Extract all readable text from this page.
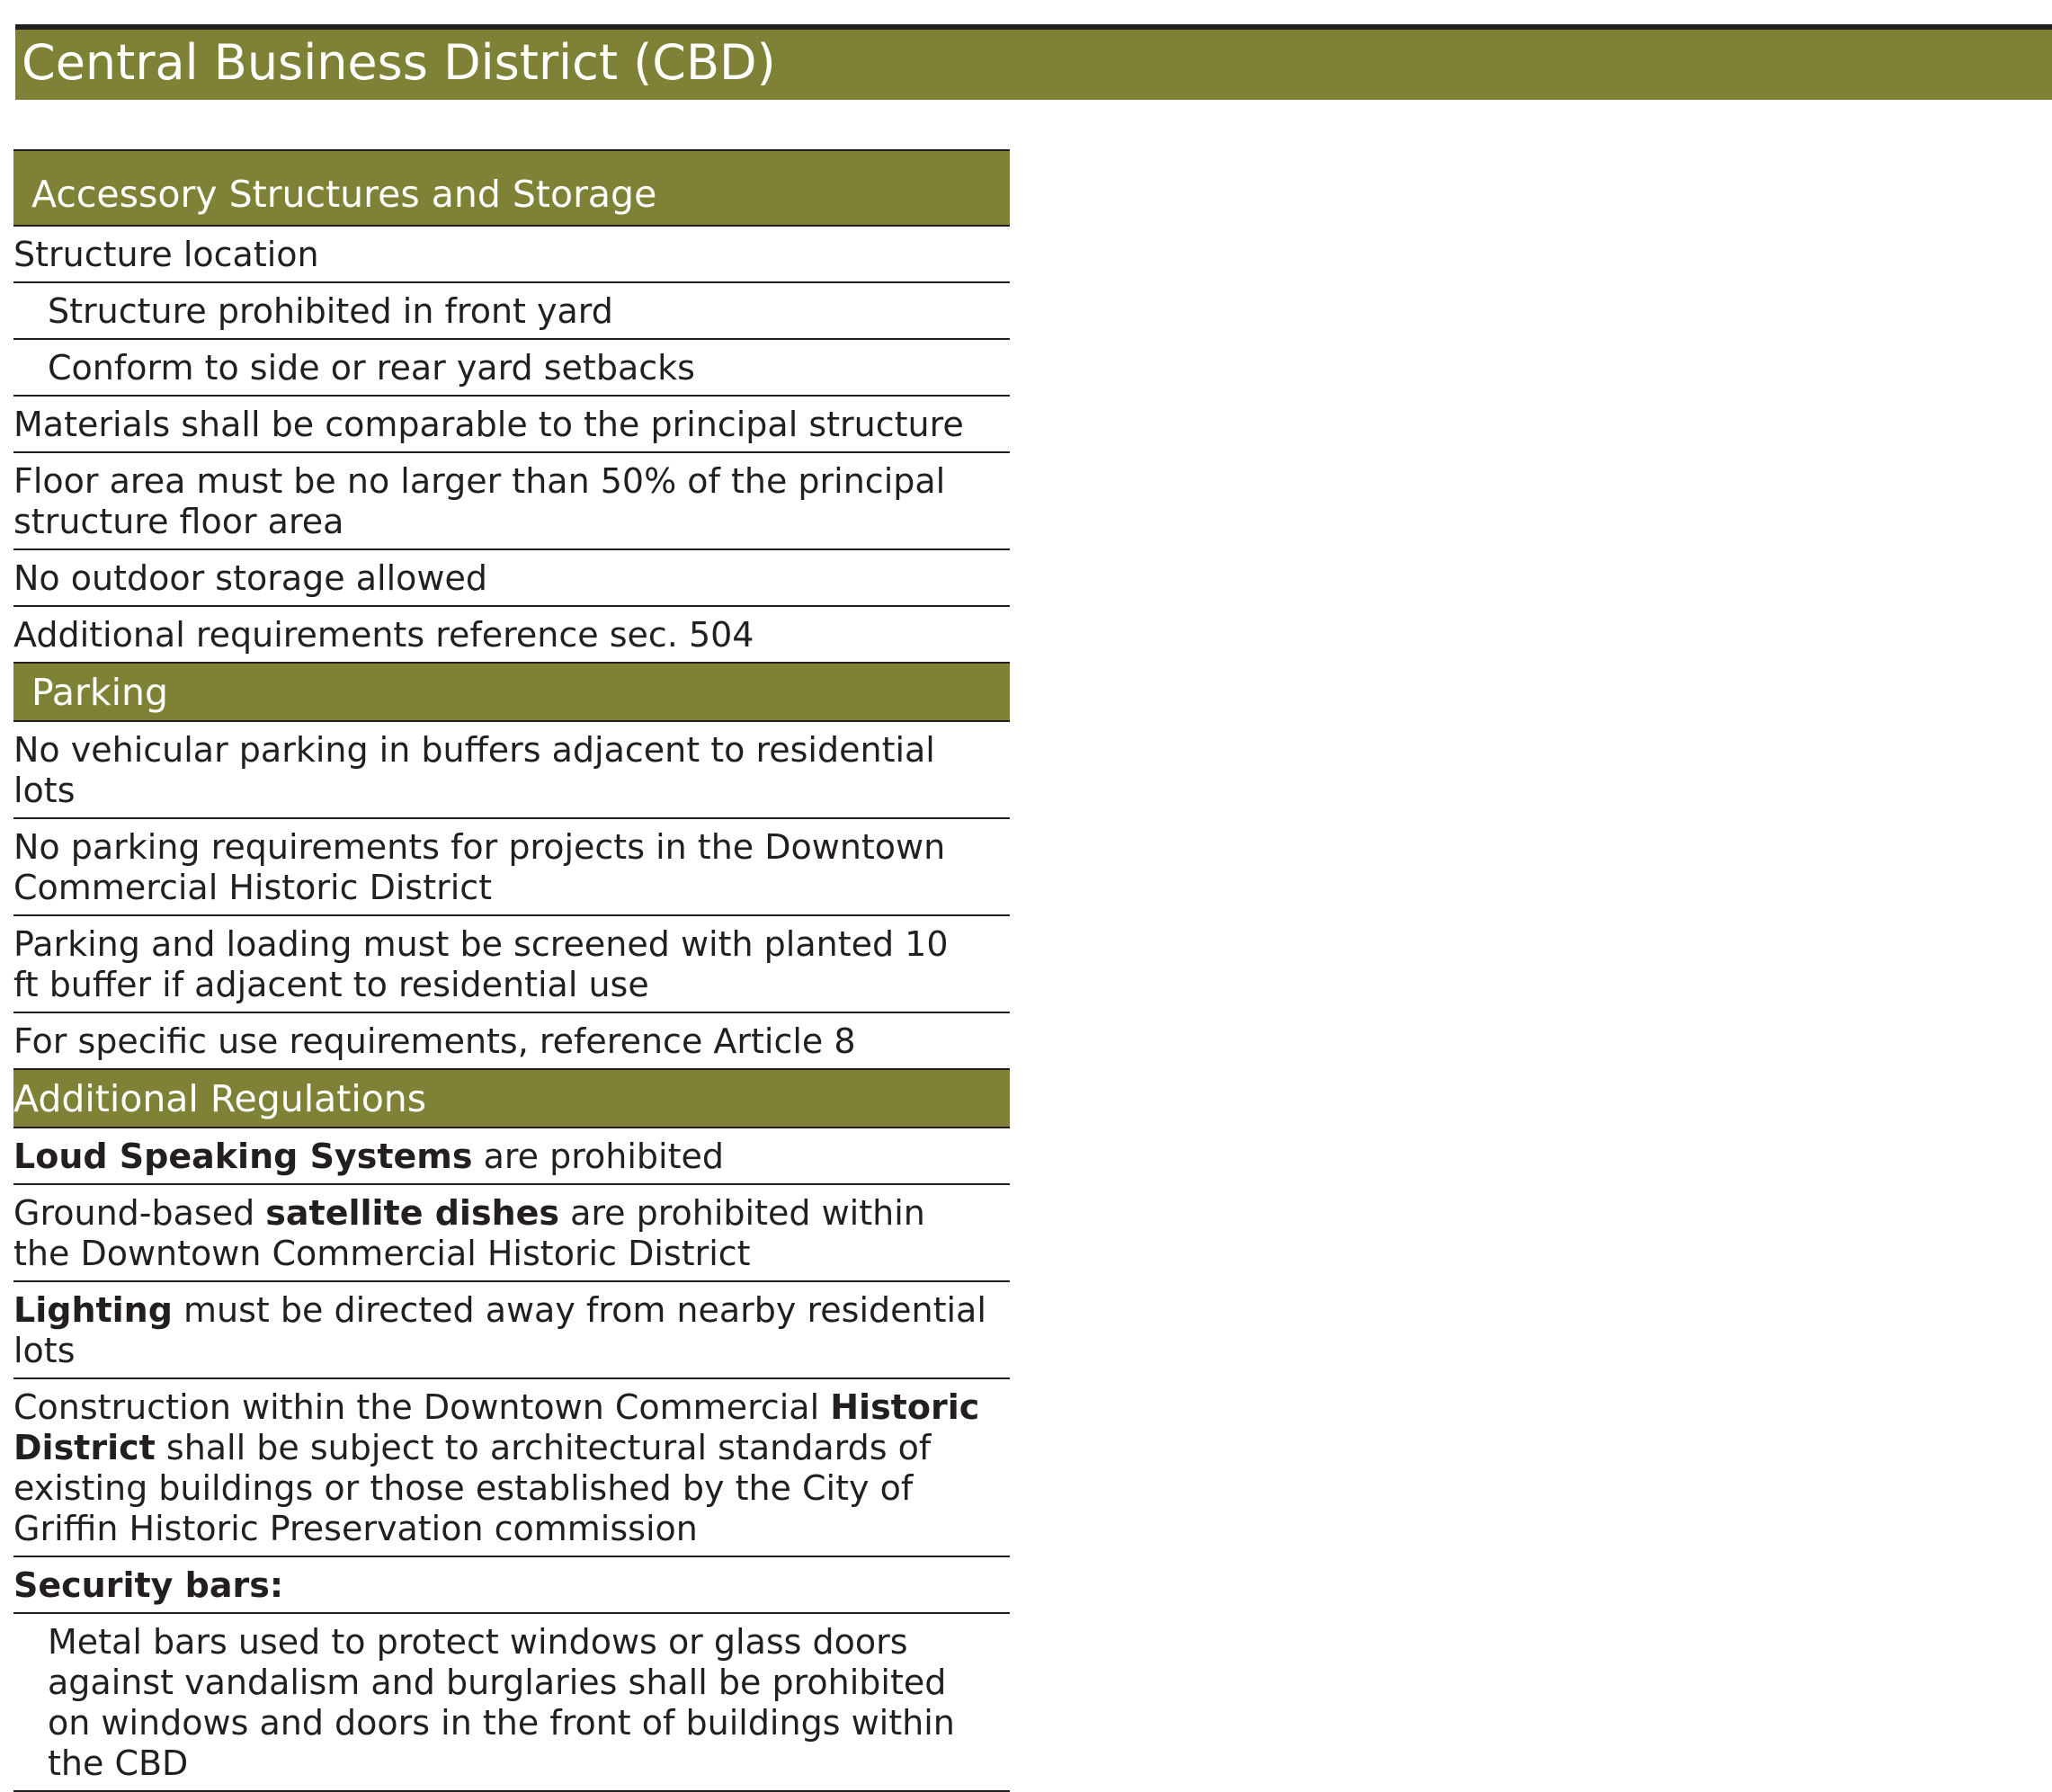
Central Business District (CBD)
Accessory Structures and Storage
Structure location
Structure prohibited in front yard
Conform to side or rear yard setbacks
Materials shall be comparable to the principal structure
Floor area must be no larger than 50% of the principal structure floor area
No outdoor storage allowed
Additional requirements reference sec. 504
Parking
No vehicular parking in buffers adjacent to residential lots
No parking requirements for projects in the Downtown Commercial Historic District
Parking and loading must be screened with planted 10 ft buffer if adjacent to residential use
For specific use requirements, reference Article 8
Additional Regulations
Loud Speaking Systems are prohibited
Ground-based satellite dishes are prohibited within the Downtown Commercial Historic District
Lighting must be directed away from nearby residential lots
Construction within the Downtown Commercial Historic District shall be subject to architectural standards of existing buildings or those established by the City of Griffin Historic Preservation commission
Security bars:
Metal bars used to protect windows or glass doors against vandalism and burglaries shall be prohibited on windows and doors in the front of buildings within the CBD
